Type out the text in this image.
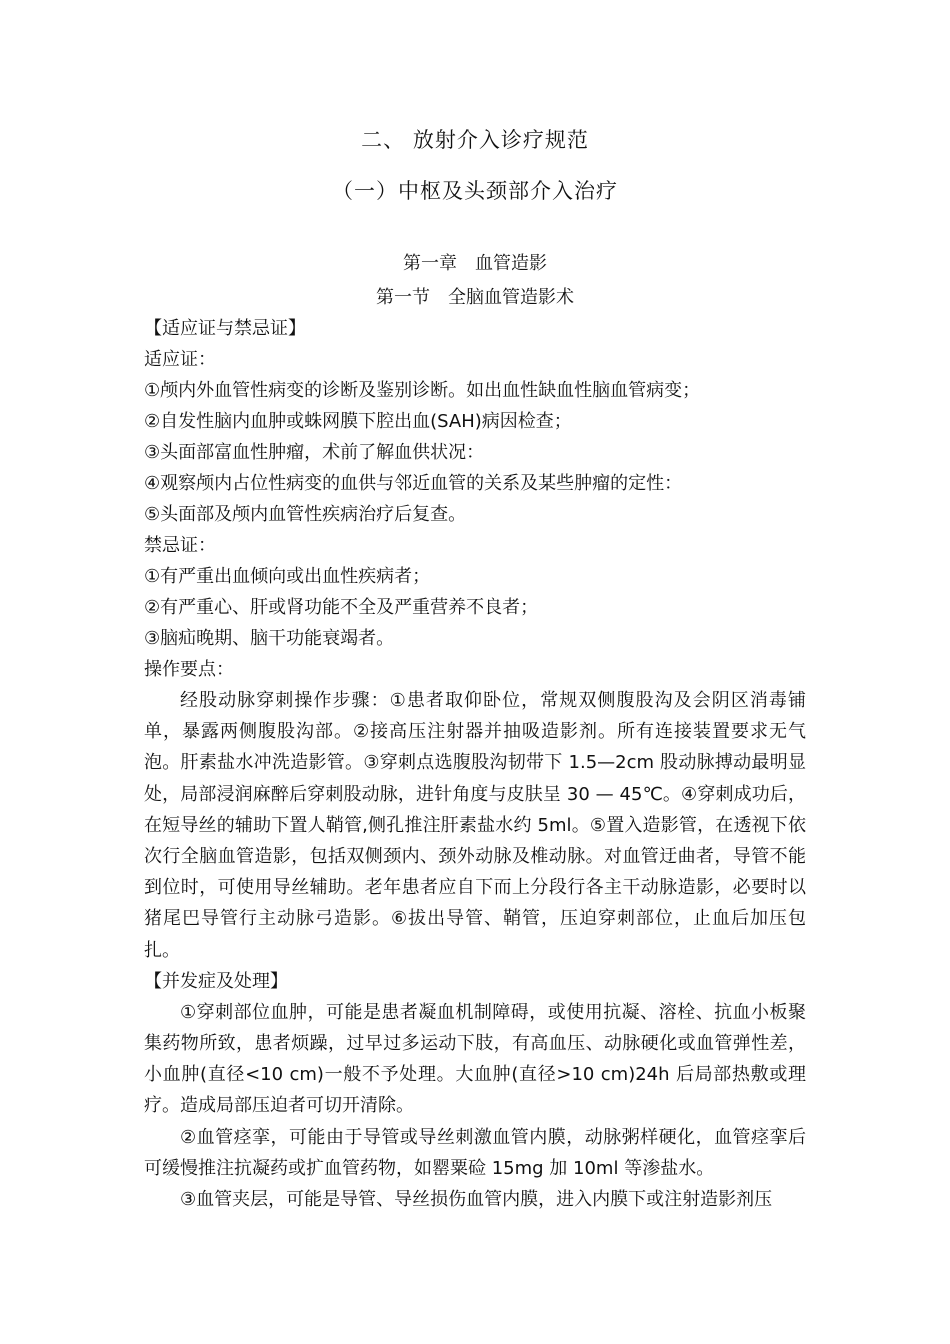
二、 放射介入诊疗规范
（一）中枢及头颈部介入治疗
第一章　血管造影
第一节　全脑血管造影术
【适应证与禁忌证】
适应证：
①颅内外血管性病变的诊断及鉴别诊断。如出血性缺血性脑血管病变；
②自发性脑内血肿或蛛网膜下腔出血(SAH)病因检查；
③头面部富血性肿瘤，术前了解血供状况：
④观察颅内占位性病变的血供与邻近血管的关系及某些肿瘤的定性：
⑤头面部及颅内血管性疾病治疗后复查。
禁忌证：
①有严重出血倾向或出血性疾病者；
②有严重心、肝或肾功能不全及严重营养不良者；
③脑疝晚期、脑干功能衰竭者。
操作要点：

经股动脉穿刺操作步骤：①患者取仰卧位，常规双侧腹股沟及会阴区消毒铺单，暴露两侧腹股沟部。②接高压注射器并抽吸造影剂。所有连接装置要求无气泡。肝素盐水冲洗造影管。③穿刺点选腹股沟韧带下 1.5—2cm 股动脉搏动最明显处，局部浸润麻醉后穿刺股动脉，进针角度与皮肤呈 30 — 45℃。④穿刺成功后，在短导丝的辅助下置人鞘管,侧孔推注肝素盐水约 5ml。⑤置入造影管，在透视下依次行全脑血管造影，包括双侧颈内、颈外动脉及椎动脉。对血管迂曲者，导管不能到位时，可使用导丝辅助。老年患者应自下而上分段行各主干动脉造影，必要时以猪尾巴导管行主动脉弓造影。⑥拔出导管、鞘管，压迫穿刺部位，止血后加压包扎。

【并发症及处理】

①穿刺部位血肿，可能是患者凝血机制障碍，或使用抗凝、溶栓、抗血小板聚集药物所致，患者烦躁，过早过多运动下肢，有高血压、动脉硬化或血管弹性差，小血肿(直径<10 cm)一般不予处理。大血肿(直径>10 cm)24h 后局部热敷或理疗。造成局部压迫者可切开清除。

②血管痉挛，可能由于导管或导丝刺激血管内膜，动脉粥样硬化，血管痉挛后可缓慢推注抗凝药或扩血管药物，如罂粟硷 15mg 加 10ml 等渗盐水。

③血管夹层，可能是导管、导丝损伤血管内膜，进入内膜下或注射造影剂压
